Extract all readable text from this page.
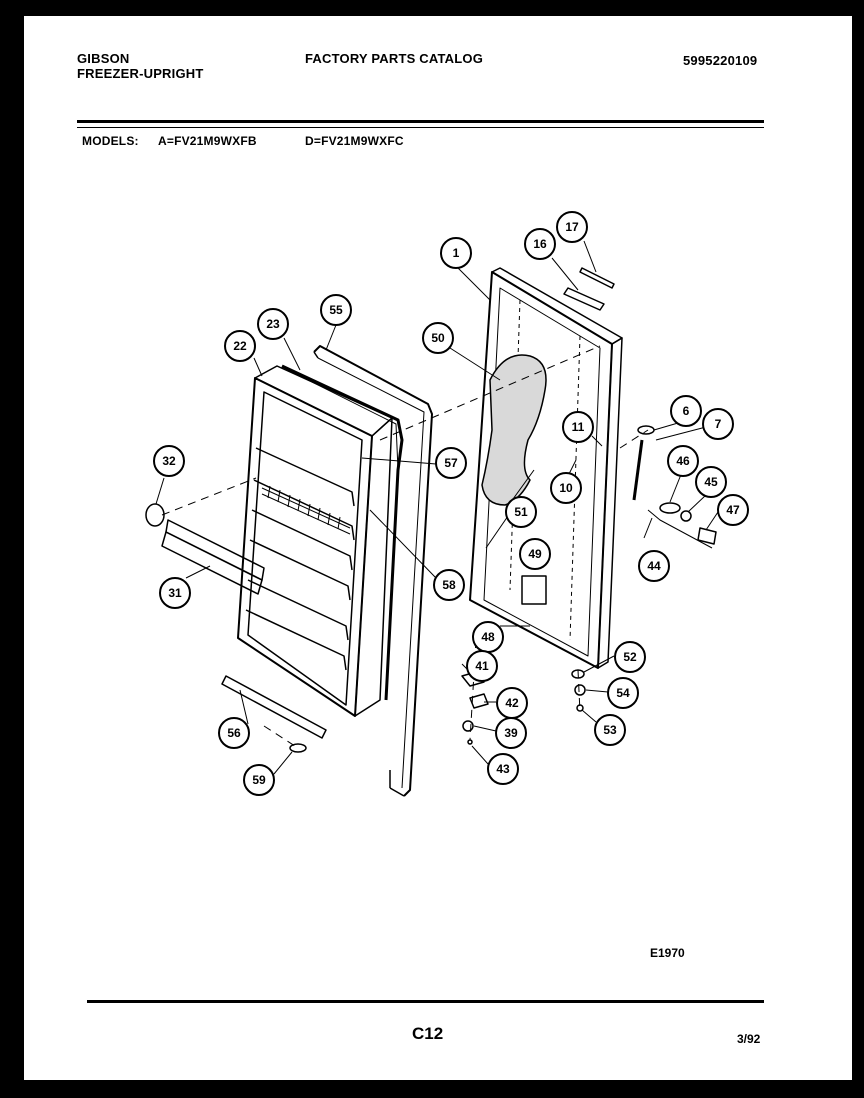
GIBSON
FREEZER-UPRIGHT
FACTORY PARTS CATALOG	5995220109
MODELS: A=FV21M9WXFB	D=FV21M9WXFC
1
16
17
50
55
23
22
11
6
7
10
46
45
47
44
32	57
51
49
31
58
48
52
41
54
42
39	53
43
56
59
E1970
C12	3/92
